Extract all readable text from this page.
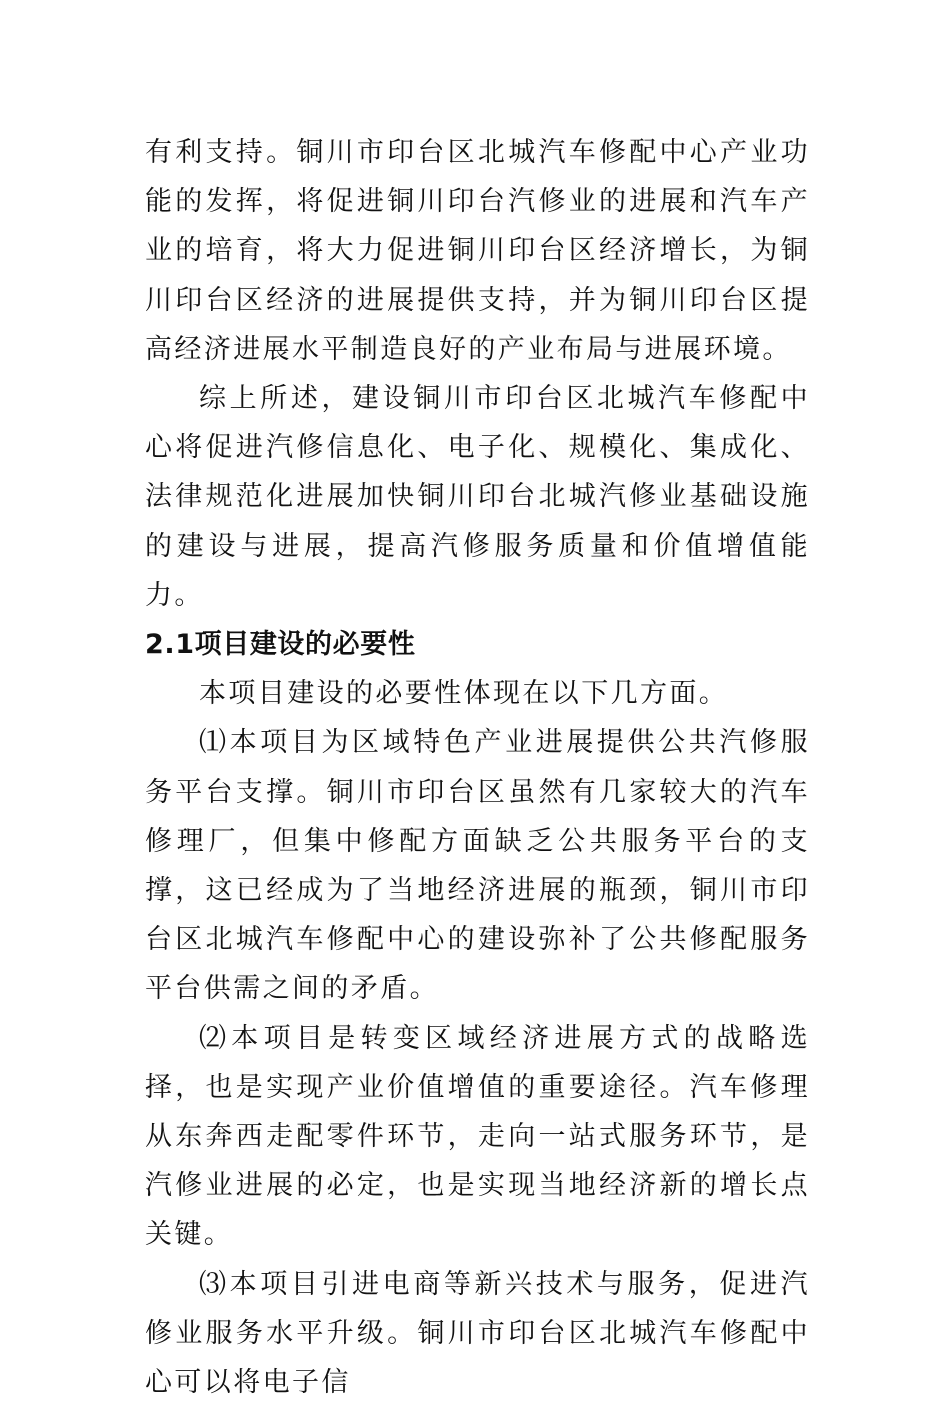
有利支持。铜川市印台区北城汽车修配中心产业功能的发挥，将促进铜川印台汽修业的进展和汽车产业的培育，将大力促进铜川印台区经济增长，为铜川印台区经济的进展提供支持，并为铜川印台区提高经济进展水平制造良好的产业布局与进展环境。

综上所述，建设铜川市印台区北城汽车修配中心将促进汽修信息化、电子化、规模化、集成化、法律规范化进展加快铜川印台北城汽修业基础设施的建设与进展，提高汽修服务质量和价值增值能力。

2.1项目建设的必要性

本项目建设的必要性体现在以下几方面。

⑴本项目为区域特色产业进展提供公共汽修服务平台支撑。铜川市印台区虽然有几家较大的汽车修理厂，但集中修配方面缺乏公共服务平台的支撑，这已经成为了当地经济进展的瓶颈，铜川市印台区北城汽车修配中心的建设弥补了公共修配服务平台供需之间的矛盾。

⑵本项目是转变区域经济进展方式的战略选择，也是实现产业价值增值的重要途径。汽车修理从东奔西走配零件环节，走向一站式服务环节，是汽修业进展的必定，也是实现当地经济新的增长点关键。

⑶本项目引进电商等新兴技术与服务，促进汽修业服务水平升级。铜川市印台区北城汽车修配中心可以将电子信
